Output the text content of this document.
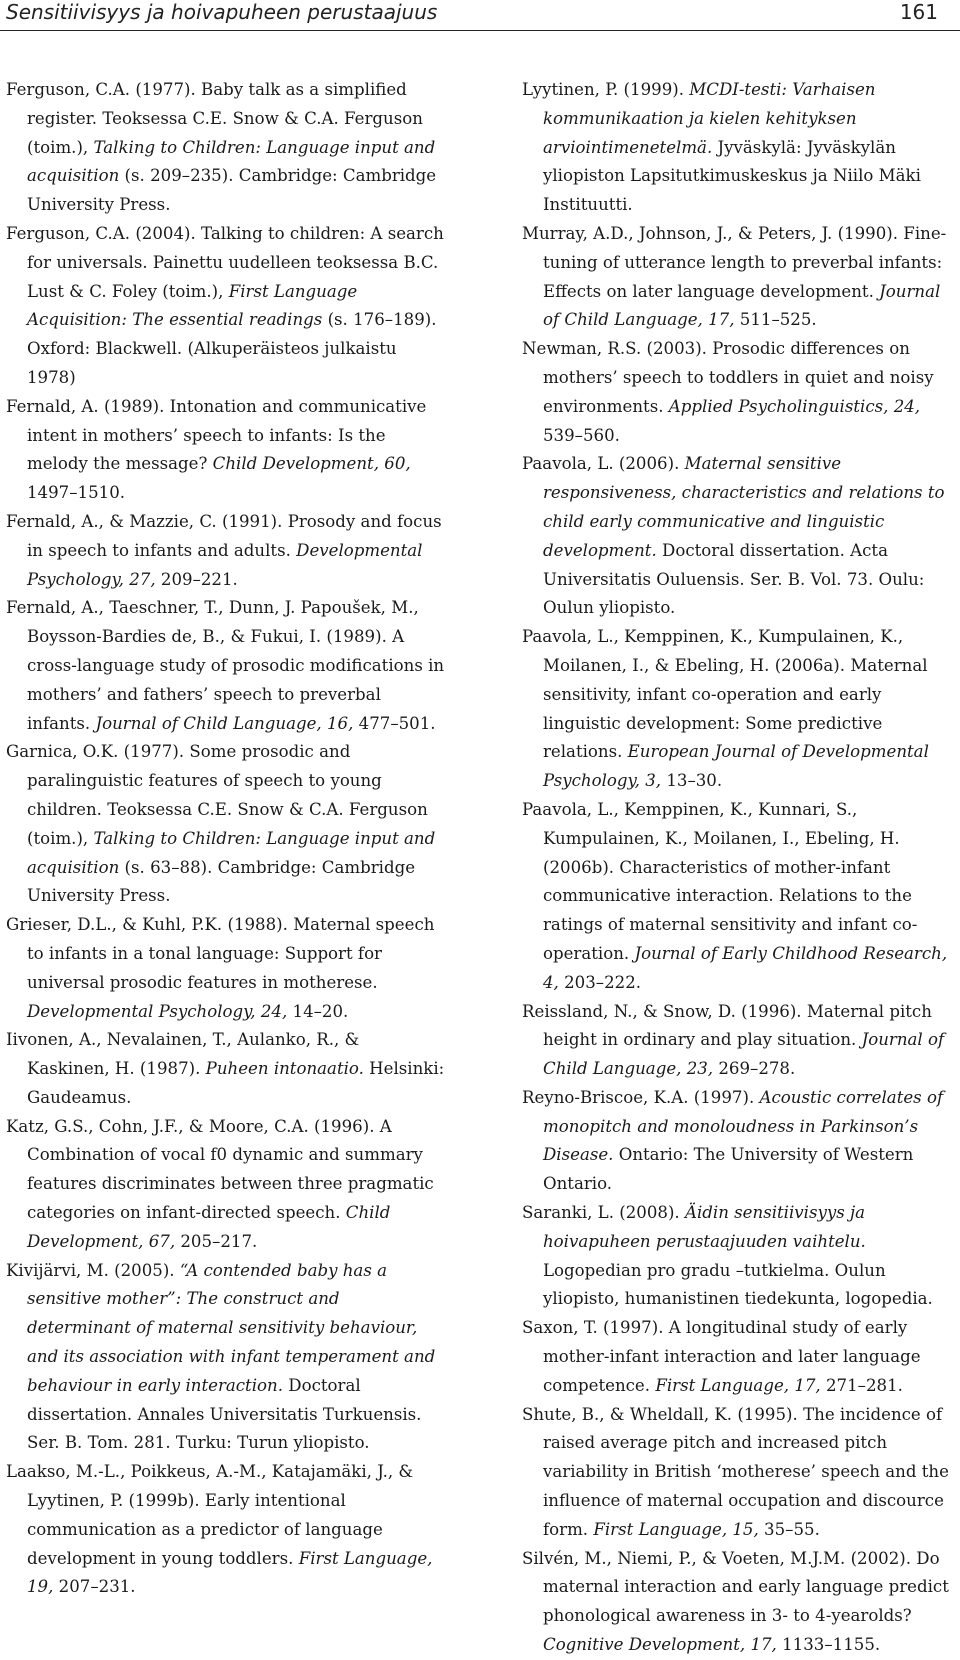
Sensitiivisyys ja hoivapuheen perustaajuus	161

Ferguson, C.A. (1977). Baby talk as a simplified register. Teoksessa C.E. Snow & C.A. Ferguson (toim.), Talking to Children: Language input and acquisition (s. 209–235). Cambridge: Cambridge University Press.

Ferguson, C.A. (2004). Talking to children: A search for universals. Painettu uudelleen teoksessa B.C. Lust & C. Foley (toim.), First Language Acquisition: The essential readings (s. 176–189). Oxford: Blackwell. (Alkuperäisteos julkaistu 1978)

Fernald, A. (1989). Intonation and communicative intent in mothers’ speech to infants: Is the melody the message? Child Development, 60, 1497–1510.

Fernald, A., & Mazzie, C. (1991). Prosody and focus in speech to infants and adults. Developmental Psychology, 27, 209–221.

Fernald, A., Taeschner, T., Dunn, J. Papoušek, M., Boysson-Bardies de, B., & Fukui, I. (1989). A cross-language study of prosodic modifications in mothers’ and fathers’ speech to preverbal infants. Journal of Child Language, 16, 477–501.

Garnica, O.K. (1977). Some prosodic and paralinguistic features of speech to young children. Teoksessa C.E. Snow & C.A. Ferguson (toim.), Talking to Children: Language input and acquisition (s. 63–88). Cambridge: Cambridge University Press.

Grieser, D.L., & Kuhl, P.K. (1988). Maternal speech to infants in a tonal language: Support for universal prosodic features in motherese. Developmental Psychology, 24, 14–20.

Iivonen, A., Nevalainen, T., Aulanko, R., & Kaskinen, H. (1987). Puheen intonaatio. Helsinki: Gaudeamus.

Katz, G.S., Cohn, J.F., & Moore, C.A. (1996). A Combination of vocal f0 dynamic and summary features discriminates between three pragmatic categories on infant-directed speech. Child Development, 67, 205–217.

Kivijärvi, M. (2005). “A contended baby has a sensitive mother”: The construct and determinant of maternal sensitivity behaviour, and its association with infant temperament and behaviour in early interaction. Doctoral dissertation. Annales Universitatis Turkuensis. Ser. B. Tom. 281. Turku: Turun yliopisto.

Laakso, M.-L., Poikkeus, A.-M., Katajamäki, J., & Lyytinen, P. (1999b). Early intentional communication as a predictor of language development in young toddlers. First Language, 19, 207–231.

Lyytinen, P. (1999). MCDI-testi: Varhaisen kommunikaation ja kielen kehityksen arviointimenetelmä. Jyväskylä: Jyväskylän yliopiston Lapsitutkimuskeskus ja Niilo Mäki Instituutti.

Murray, A.D., Johnson, J., & Peters, J. (1990). Fine-tuning of utterance length to preverbal infants: Effects on later language development. Journal of Child Language, 17, 511–525.

Newman, R.S. (2003). Prosodic differences on mothers’ speech to toddlers in quiet and noisy environments. Applied Psycholinguistics, 24, 539–560.

Paavola, L. (2006). Maternal sensitive responsiveness, characteristics and relations to child early communicative and linguistic development. Doctoral dissertation. Acta Universitatis Ouluensis. Ser. B. Vol. 73. Oulu: Oulun yliopisto.

Paavola, L., Kemppinen, K., Kumpulainen, K., Moilanen, I., & Ebeling, H. (2006a). Maternal sensitivity, infant co-operation and early linguistic development: Some predictive relations. European Journal of Developmental Psychology, 3, 13–30.

Paavola, L., Kemppinen, K., Kunnari, S., Kumpulainen, K., Moilanen, I., Ebeling, H. (2006b). Characteristics of mother-infant communicative interaction. Relations to the ratings of maternal sensitivity and infant co-operation. Journal of Early Childhood Research, 4, 203–222.

Reissland, N., & Snow, D. (1996). Maternal pitch height in ordinary and play situation. Journal of Child Language, 23, 269–278.

Reyno-Briscoe, K.A. (1997). Acoustic correlates of monopitch and monoloudness in Parkinson’s Disease. Ontario: The University of Western Ontario.

Saranki, L. (2008). Äidin sensitiivisyys ja hoivapuheen perustaajuuden vaihtelu. Logopedian pro gradu –tutkielma. Oulun yliopisto, humanistinen tiedekunta, logopedia.

Saxon, T. (1997). A longitudinal study of early mother-infant interaction and later language competence. First Language, 17, 271–281.

Shute, B., & Wheldall, K. (1995). The incidence of raised average pitch and increased pitch variability in British ‘motherese’ speech and the influence of maternal occupation and discource form. First Language, 15, 35–55.

Silvén, M., Niemi, P., & Voeten, M.J.M. (2002). Do maternal interaction and early language predict phonological awareness in 3- to 4-yearolds? Cognitive Development, 17, 1133–1155.
